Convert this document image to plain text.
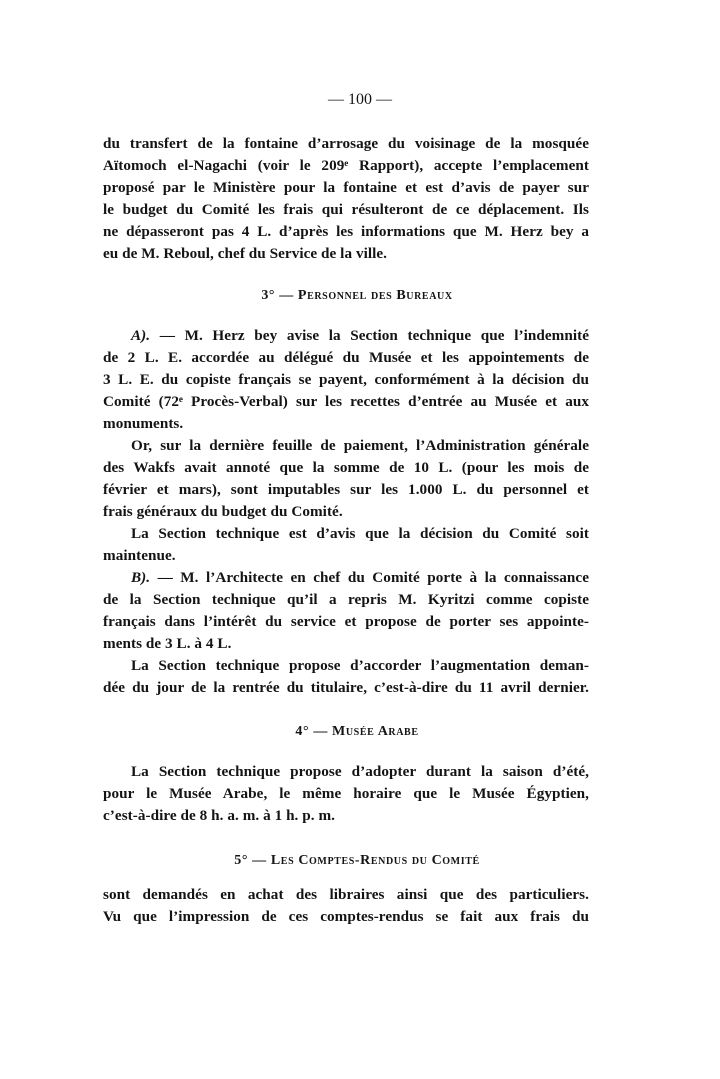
— 100 —
du transfert de la fontaine d’arrosage du voisinage de la mosquée
Aïtomoch el-Nagachi (voir le 209ᵉ Rapport), accepte l’emplacement
proposé par le Ministère pour la fontaine et est d’avis de payer sur
le budget du Comité les frais qui résulteront de ce déplacement. Ils
ne dépasseront pas 4 L. d’après les informations que M. Herz bey a
eu de M. Reboul, chef du Service de la ville.
3° — Personnel des Bureaux
A). — M. Herz bey avise la Section technique que l’indemnité
de 2 L. E. accordée au délégué du Musée et les appointements de
3 L. E. du copiste français se payent, conformément à la décision du
Comité (72ᵉ Procès-Verbal) sur les recettes d’entrée au Musée et aux
monuments.
Or, sur la dernière feuille de paiement, l’Administration générale
des Wakfs avait annoté que la somme de 10 L. (pour les mois de
février et mars), sont imputables sur les 1.000 L. du personnel et
frais généraux du budget du Comité.
La Section technique est d’avis que la décision du Comité soit
maintenue.
B). — M. l’Architecte en chef du Comité porte à la connaissance
de la Section technique qu’il a repris M. Kyritzi comme copiste
français dans l’intérêt du service et propose de porter ses appointe-
ments de 3 L. à 4 L.
La Section technique propose d’accorder l’augmentation deman-
dée du jour de la rentrée du titulaire, c’est-à-dire du 11 avril dernier.
4° — Musée Arabe
La Section technique propose d’adopter durant la saison d’été,
pour le Musée Arabe, le même horaire que le Musée Égyptien,
c’est-à-dire de 8 h. a. m. à 1 h. p. m.
5° — Les Comptes-Rendus du Comité
sont demandés en achat des libraires ainsi que des particuliers.
Vu que l’impression de ces comptes-rendus se fait aux frais du
